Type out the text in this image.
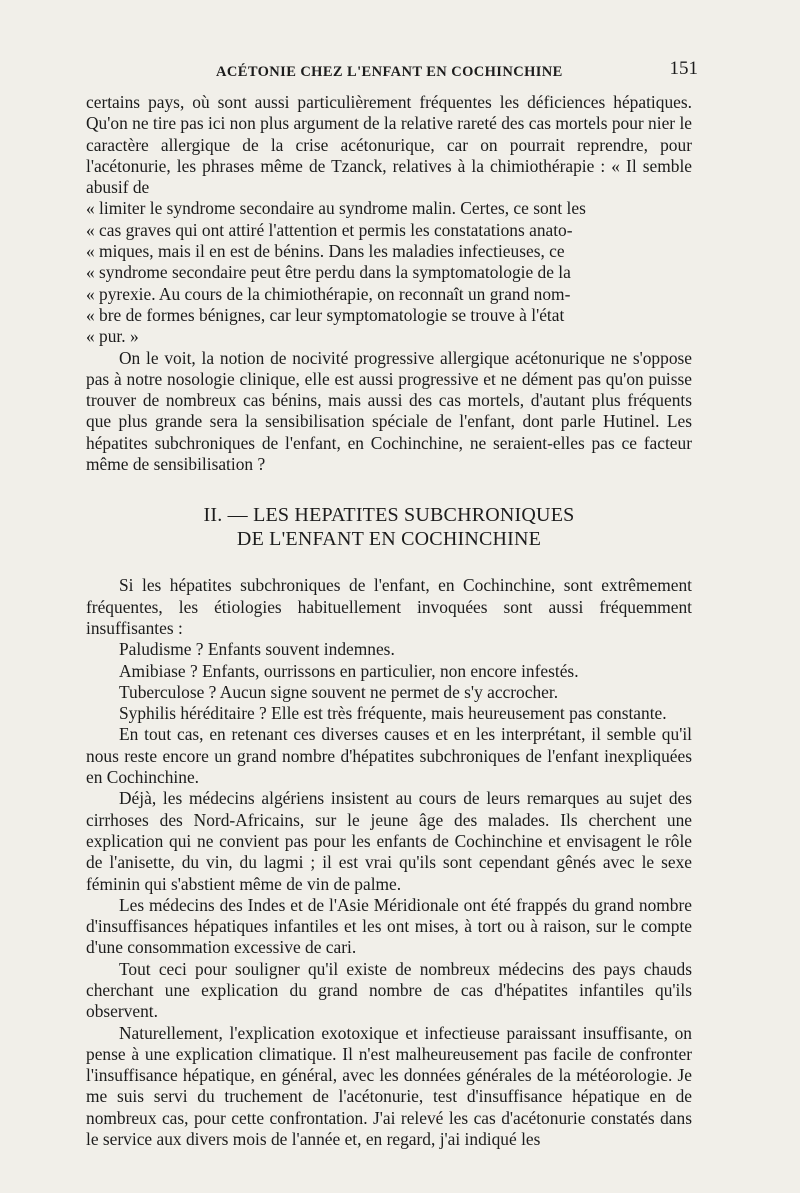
ACÉTONIE CHEZ L'ENFANT EN COCHINCHINE	151

certains pays, où sont aussi particulièrement fréquentes les déficiences hépatiques. Qu'on ne tire pas ici non plus argument de la relative rareté des cas mortels pour nier le caractère allergique de la crise acétonurique, car on pourrait reprendre, pour l'acétonurie, les phrases même de Tzanck, relatives à la chimiothérapie : « Il semble abusif de

« limiter le syndrome secondaire au syndrome malin. Certes, ce sont les

« cas graves qui ont attiré l'attention et permis les constatations anato-

« miques, mais il en est de bénins. Dans les maladies infectieuses, ce

« syndrome secondaire peut être perdu dans la symptomatologie de la

« pyrexie. Au cours de la chimiothérapie, on reconnaît un grand nom-

« bre de formes bénignes, car leur symptomatologie se trouve à l'état

« pur. »

On le voit, la notion de nocivité progressive allergique acétonurique ne s'oppose pas à notre nosologie clinique, elle est aussi progressive et ne dément pas qu'on puisse trouver de nombreux cas bénins, mais aussi des cas mortels, d'autant plus fréquents que plus grande sera la sensibilisation spéciale de l'enfant, dont parle Hutinel. Les hépatites subchroniques de l'enfant, en Cochinchine, ne seraient-elles pas ce facteur même de sensibilisation ?

II. — LES HEPATITES SUBCHRONIQUES
DE L'ENFANT EN COCHINCHINE

Si les hépatites subchroniques de l'enfant, en Cochinchine, sont extrêmement fréquentes, les étiologies habituellement invoquées sont aussi fréquemment insuffisantes :

Paludisme ? Enfants souvent indemnes.

Amibiase ? Enfants, ourrissons en particulier, non encore infestés.

Tuberculose ? Aucun signe souvent ne permet de s'y accrocher.

Syphilis héréditaire ? Elle est très fréquente, mais heureusement pas constante.

En tout cas, en retenant ces diverses causes et en les interprétant, il semble qu'il nous reste encore un grand nombre d'hépatites subchroniques de l'enfant inexpliquées en Cochinchine.

Déjà, les médecins algériens insistent au cours de leurs remarques au sujet des cirrhoses des Nord-Africains, sur le jeune âge des malades. Ils cherchent une explication qui ne convient pas pour les enfants de Cochinchine et envisagent le rôle de l'anisette, du vin, du lagmi ; il est vrai qu'ils sont cependant gênés avec le sexe féminin qui s'abstient même de vin de palme.

Les médecins des Indes et de l'Asie Méridionale ont été frappés du grand nombre d'insuffisances hépatiques infantiles et les ont mises, à tort ou à raison, sur le compte d'une consommation excessive de cari.

Tout ceci pour souligner qu'il existe de nombreux médecins des pays chauds cherchant une explication du grand nombre de cas d'hépatites infantiles qu'ils observent.

Naturellement, l'explication exotoxique et infectieuse paraissant insuffisante, on pense à une explication climatique. Il n'est malheureusement pas facile de confronter l'insuffisance hépatique, en général, avec les données générales de la météorologie. Je me suis servi du truchement de l'acétonurie, test d'insuffisance hépatique en de nombreux cas, pour cette confrontation. J'ai relevé les cas d'acétonurie constatés dans le service aux divers mois de l'année et, en regard, j'ai indiqué les
